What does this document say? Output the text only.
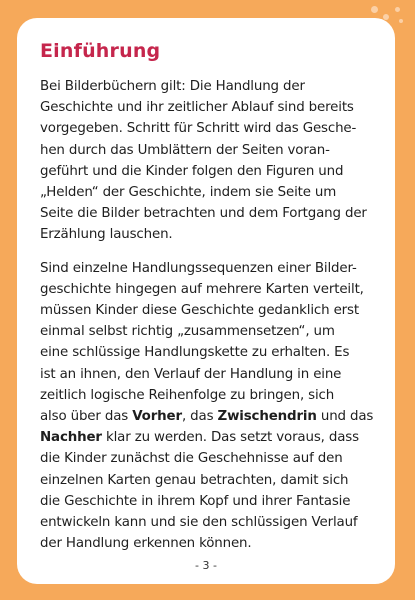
Einführung

Bei Bilderbüchern gilt: Die Handlung der
Geschichte und ihr zeitlicher Ablauf sind bereits
vorgegeben. Schritt für Schritt wird das Gesche-
hen durch das Umblättern der Seiten voran-
geführt und die Kinder folgen den Figuren und
„Helden“ der Geschichte, indem sie Seite um
Seite die Bilder betrachten und dem Fortgang der
Erzählung lauschen.

Sind einzelne Handlungssequenzen einer Bilder-
geschichte hingegen auf mehrere Karten verteilt,
müssen Kinder diese Geschichte gedanklich erst
einmal selbst richtig „zusammensetzen“, um
eine schlüssige Handlungskette zu erhalten. Es
ist an ihnen, den Verlauf der Handlung in eine
zeitlich logische Reihenfolge zu bringen, sich
also über das Vorher, das Zwischendrin und das
Nachher klar zu werden. Das setzt voraus, dass
die Kinder zunächst die Geschehnisse auf den
einzelnen Karten genau betrachten, damit sich
die Geschichte in ihrem Kopf und ihrer Fantasie
entwickeln kann und sie den schlüssigen Verlauf
der Handlung erkennen können.

- 3 -
